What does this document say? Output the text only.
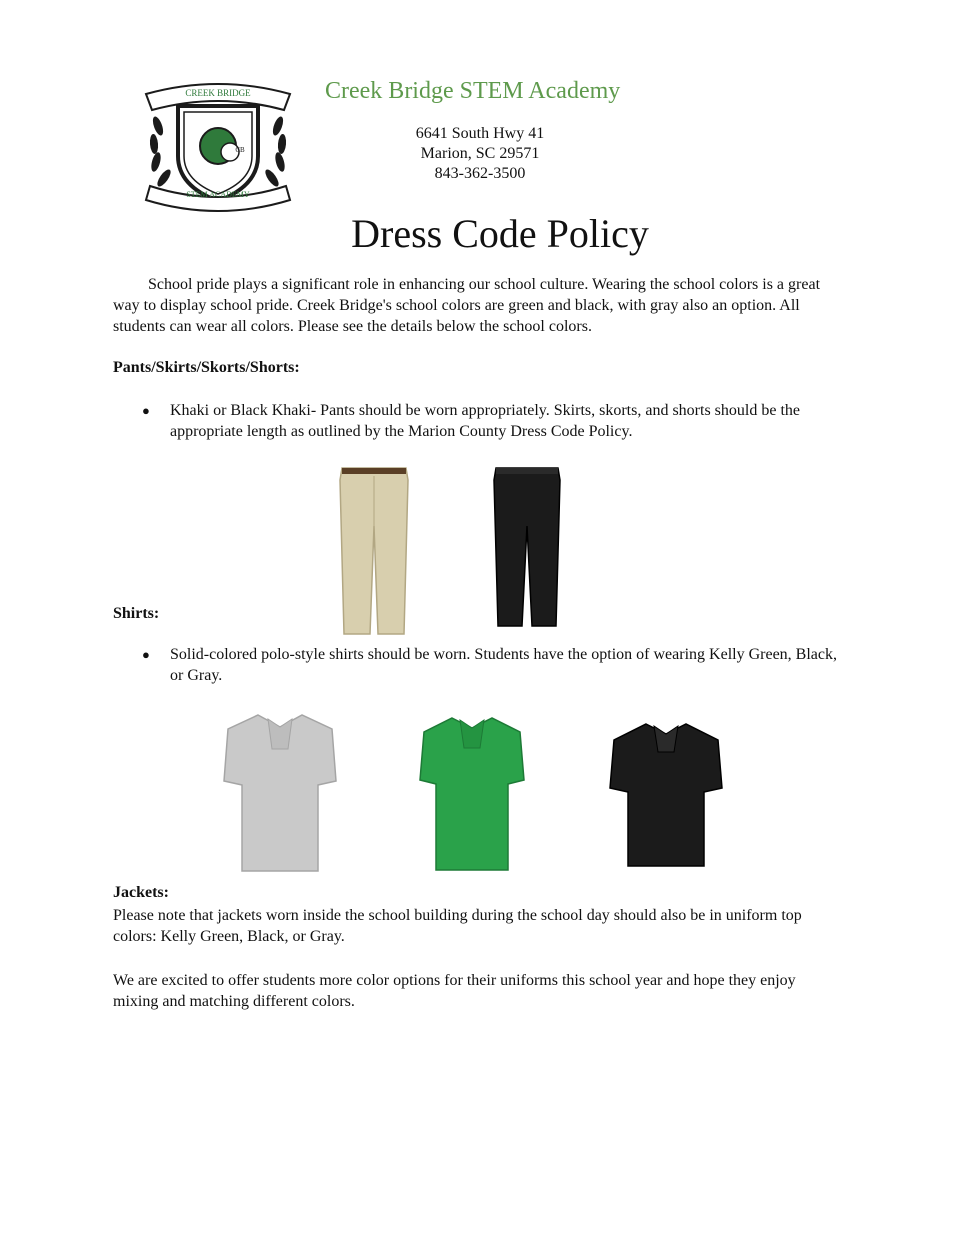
CREEK BRIDGE
CB
STEM ACADEMY
Creek Bridge STEM Academy
6641 South Hwy 41
Marion, SC 29571
843-362-3500
Dress Code Policy
School pride plays a significant role in enhancing our school culture. Wearing the school colors is a great way to display school pride. Creek Bridge's school colors are green and black, with gray also an option. All students can wear all colors. Please see the details below the school colors.
Pants/Skirts/Skorts/Shorts:
● Khaki or Black Khaki- Pants should be worn appropriately. Skirts, skorts, and shorts should be the appropriate length as outlined by the Marion County Dress Code Policy.
Shirts:
● Solid-colored polo-style shirts should be worn. Students have the option of wearing Kelly Green, Black, or Gray.
Jackets:
Please note that jackets worn inside the school building during the school day should also be in uniform top colors: Kelly Green, Black, or Gray.
We are excited to offer students more color options for their uniforms this school year and hope they enjoy mixing and matching different colors.
